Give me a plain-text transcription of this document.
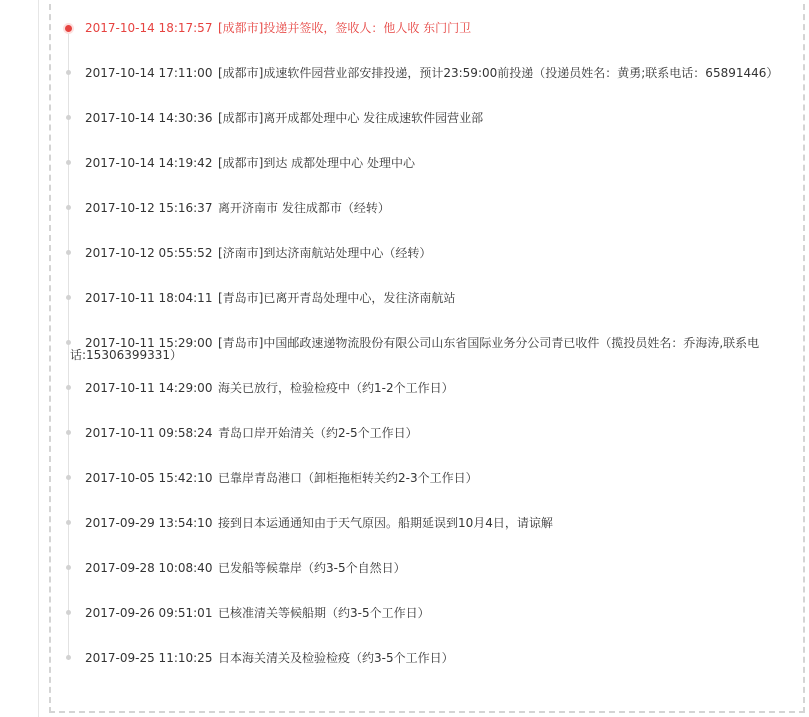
2017-10-14 18:17:57 [成都市]投递并签收，签收人：他人收 东门门卫
2017-10-14 17:11:00 [成都市]成速软件园营业部安排投递，预计23:59:00前投递（投递员姓名：黄勇;联系电话：65891446）
2017-10-14 14:30:36 [成都市]离开成都处理中心 发往成速软件园营业部
2017-10-14 14:19:42 [成都市]到达 成都处理中心 处理中心
2017-10-12 15:16:37 离开济南市 发往成都市（经转）
2017-10-12 05:55:52 [济南市]到达济南航站处理中心（经转）
2017-10-11 18:04:11 [青岛市]已离开青岛处理中心，发往济南航站
2017-10-11 15:29:00 [青岛市]中国邮政速递物流股份有限公司山东省国际业务分公司青已收件（揽投员姓名：乔海涛,联系电话:15306399331）
2017-10-11 14:29:00 海关已放行，检验检疫中（约1-2个工作日）
2017-10-11 09:58:24 青岛口岸开始清关（约2-5个工作日）
2017-10-05 15:42:10 已靠岸青岛港口（卸柜拖柜转关约2-3个工作日）
2017-09-29 13:54:10 接到日本运通通知由于天气原因。船期延误到10月4日，请谅解
2017-09-28 10:08:40 已发船等候靠岸（约3-5个自然日）
2017-09-26 09:51:01 已核准清关等候船期（约3-5个工作日）
2017-09-25 11:10:25 日本海关清关及检验检疫（约3-5个工作日）
